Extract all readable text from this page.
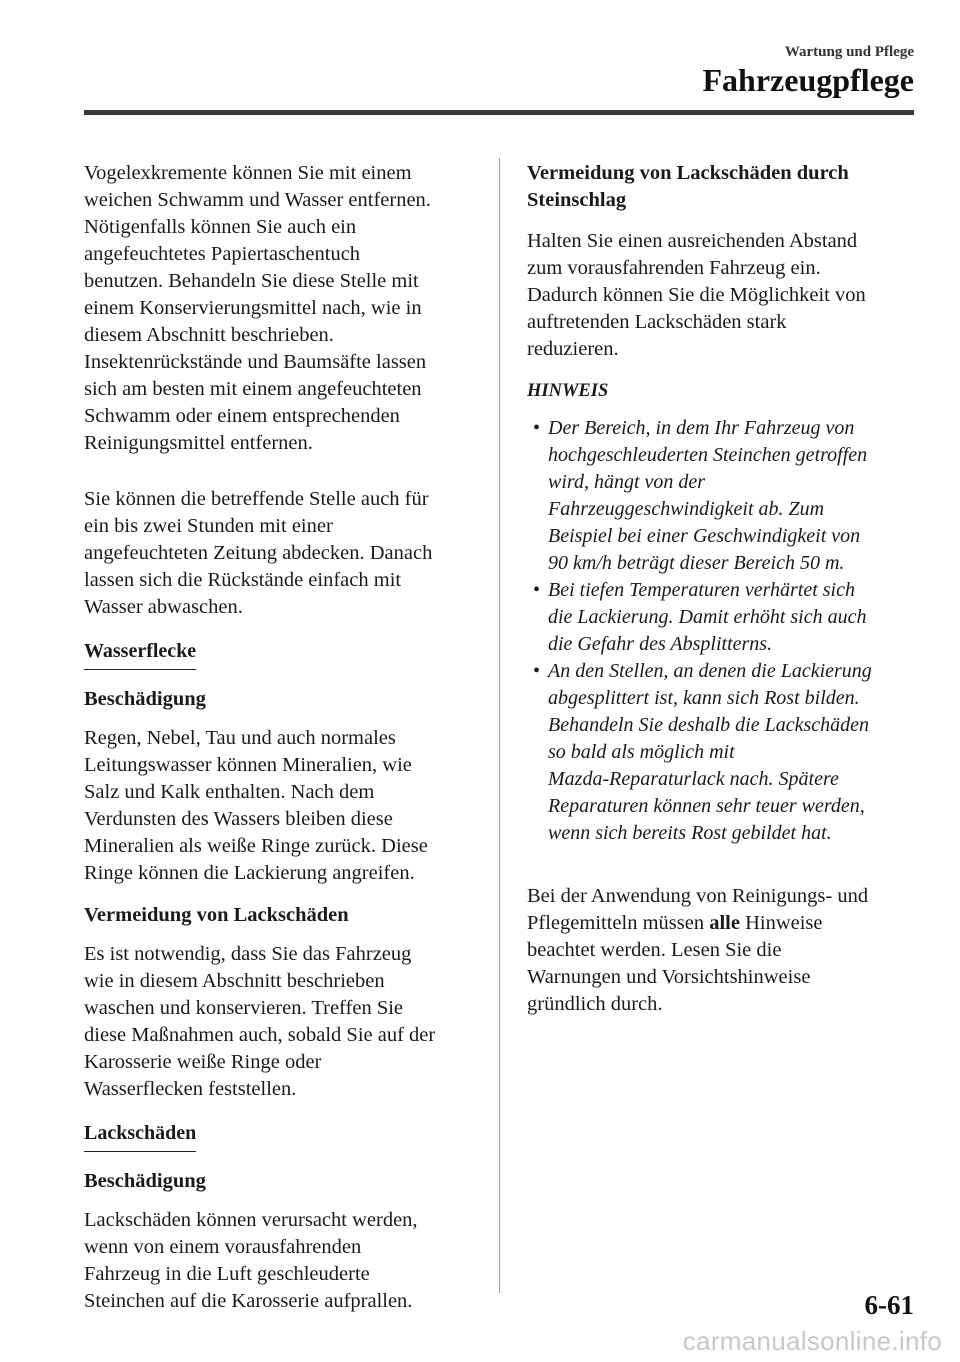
Wartung und Pflege
Fahrzeugpflege

Vogelexkremente können Sie mit einem
weichen Schwamm und Wasser entfernen.
Nötigenfalls können Sie auch ein
angefeuchtetes Papiertaschentuch
benutzen. Behandeln Sie diese Stelle mit
einem Konservierungsmittel nach, wie in
diesem Abschnitt beschrieben.
Insektenrückstände und Baumsäfte lassen
sich am besten mit einem angefeuchteten
Schwamm oder einem entsprechenden
Reinigungsmittel entfernen.

Sie können die betreffende Stelle auch für
ein bis zwei Stunden mit einer
angefeuchteten Zeitung abdecken. Danach
lassen sich die Rückstände einfach mit
Wasser abwaschen.

Wasserflecke
Beschädigung

Regen, Nebel, Tau und auch normales
Leitungswasser können Mineralien, wie
Salz und Kalk enthalten. Nach dem
Verdunsten des Wassers bleiben diese
Mineralien als weiße Ringe zurück. Diese
Ringe können die Lackierung angreifen.

Vermeidung von Lackschäden

Es ist notwendig, dass Sie das Fahrzeug
wie in diesem Abschnitt beschrieben
waschen und konservieren. Treffen Sie
diese Maßnahmen auch, sobald Sie auf der
Karosserie weiße Ringe oder
Wasserflecken feststellen.

Lackschäden
Beschädigung

Lackschäden können verursacht werden,
wenn von einem vorausfahrenden
Fahrzeug in die Luft geschleuderte
Steinchen auf die Karosserie aufprallen.

Vermeidung von Lackschäden durch
Steinschlag

Halten Sie einen ausreichenden Abstand
zum vorausfahrenden Fahrzeug ein.
Dadurch können Sie die Möglichkeit von
auftretenden Lackschäden stark
reduzieren.

HINWEIS
• Der Bereich, in dem Ihr Fahrzeug von
hochgeschleuderten Steinchen getroffen
wird, hängt von der
Fahrzeuggeschwindigkeit ab. Zum
Beispiel bei einer Geschwindigkeit von
90 km/h beträgt dieser Bereich 50 m.
• Bei tiefen Temperaturen verhärtet sich
die Lackierung. Damit erhöht sich auch
die Gefahr des Absplitterns.
• An den Stellen, an denen die Lackierung
abgesplittert ist, kann sich Rost bilden.
Behandeln Sie deshalb die Lackschäden
so bald als möglich mit
Mazda-Reparaturlack nach. Spätere
Reparaturen können sehr teuer werden,
wenn sich bereits Rost gebildet hat.

Bei der Anwendung von Reinigungs- und
Pflegemitteln müssen alle Hinweise
beachtet werden. Lesen Sie die
Warnungen und Vorsichtshinweise
gründlich durch.

6-61
carmanualsonline.info
